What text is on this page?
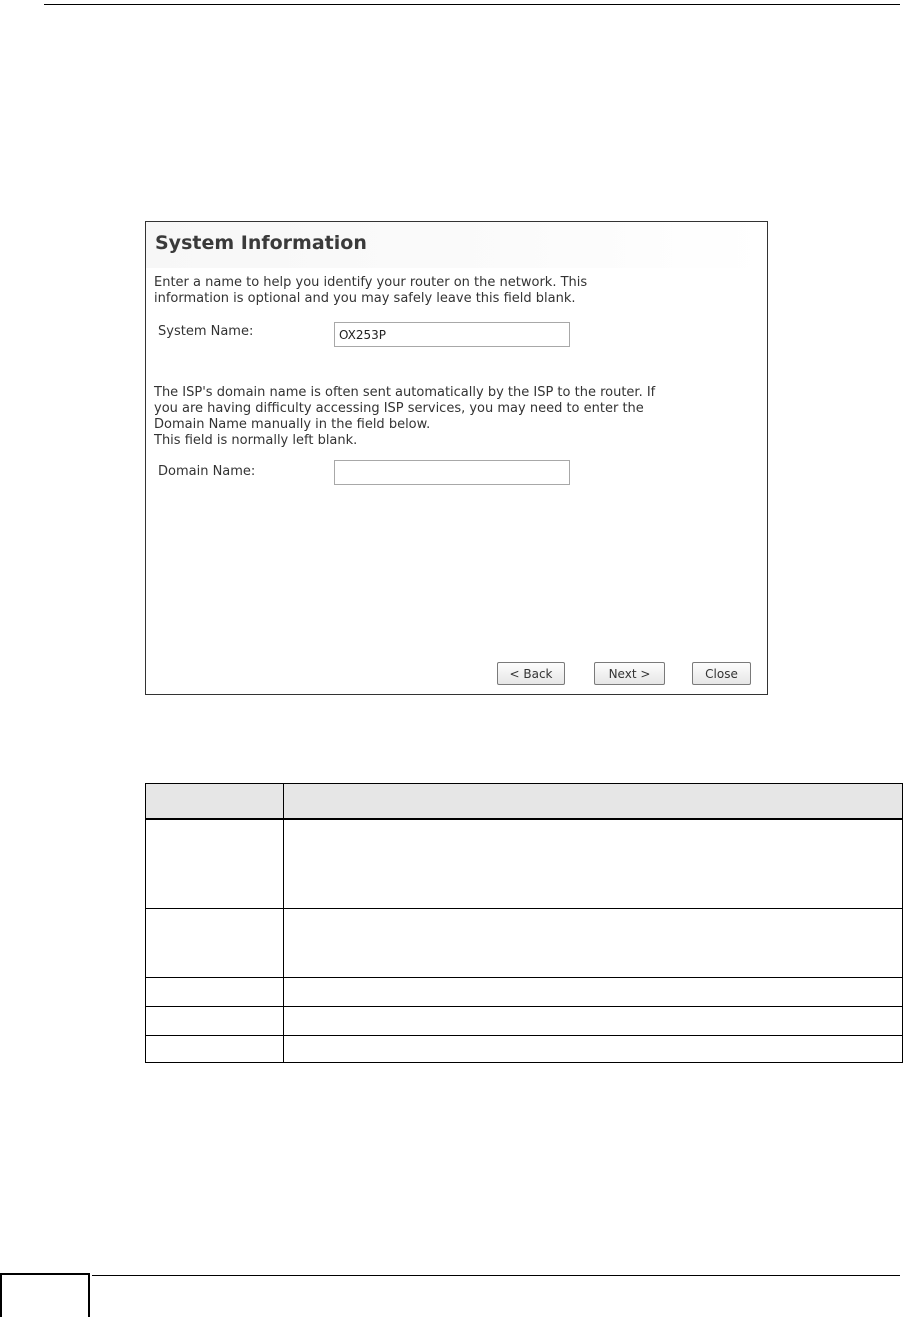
System Information
Enter a name to help you identify your router on the network. This
information is optional and you may safely leave this field blank.
System Name:
OX253P
The ISP's domain name is often sent automatically by the ISP to the router. If
you are having difficulty accessing ISP services, you may need to enter the
Domain Name manually in the field below.
This field is normally left blank.
Domain Name:
< Back	Next >	Close
